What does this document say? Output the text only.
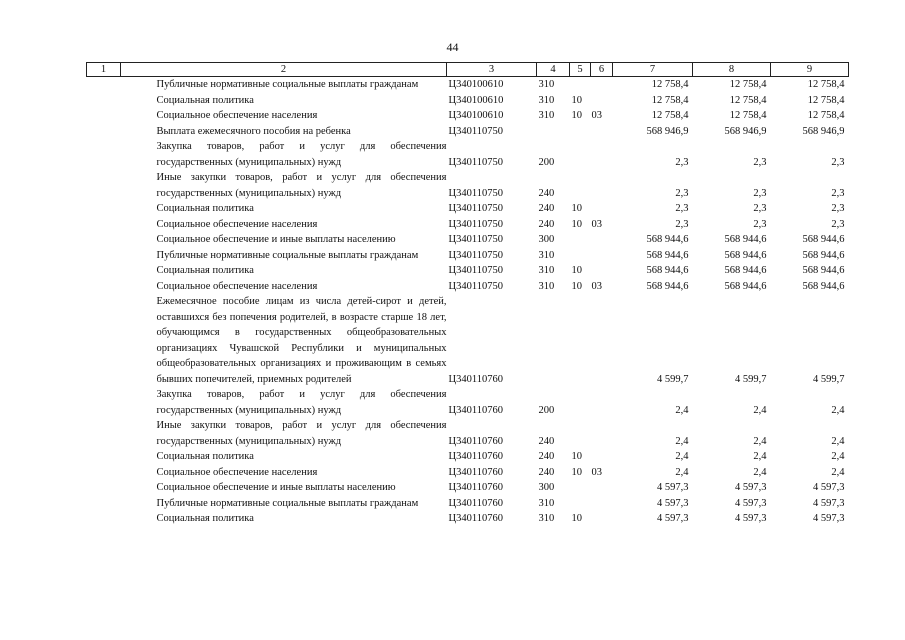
44
1	2	3	4	5	6	7	8	9
	Публичные нормативные социальные выплаты гражданам	Ц340100610	310			12 758,4	12 758,4	12 758,4
	Социальная политика	Ц340100610	310	10		12 758,4	12 758,4	12 758,4
	Социальное обеспечение населения	Ц340100610	310	10	03	12 758,4	12 758,4	12 758,4
	Выплата ежемесячного пособия на ребенка	Ц340110750				568 946,9	568 946,9	568 946,9
	Закупка товаров, работ и услуг для обеспечения государственных (муниципальных) нужд	Ц340110750	200			2,3	2,3	2,3
	Иные закупки товаров, работ и услуг для обеспечения государственных (муниципальных) нужд	Ц340110750	240			2,3	2,3	2,3
	Социальная политика	Ц340110750	240	10		2,3	2,3	2,3
	Социальное обеспечение населения	Ц340110750	240	10	03	2,3	2,3	2,3
	Социальное обеспечение и иные выплаты населению	Ц340110750	300			568 944,6	568 944,6	568 944,6
	Публичные нормативные социальные выплаты гражданам	Ц340110750	310			568 944,6	568 944,6	568 944,6
	Социальная политика	Ц340110750	310	10		568 944,6	568 944,6	568 944,6
	Социальное обеспечение населения	Ц340110750	310	10	03	568 944,6	568 944,6	568 944,6
	Ежемесячное пособие лицам из числа детей-сирот и детей, оставшихся без попечения родителей, в возрасте старше 18 лет, обучающимся в государственных общеобразовательных организациях Чувашской Республики и муниципальных общеобразовательных организациях и проживающим в семьях бывших попечителей, приемных родителей	Ц340110760				4 599,7	4 599,7	4 599,7
	Закупка товаров, работ и услуг для обеспечения государственных (муниципальных) нужд	Ц340110760	200			2,4	2,4	2,4
	Иные закупки товаров, работ и услуг для обеспечения государственных (муниципальных) нужд	Ц340110760	240			2,4	2,4	2,4
	Социальная политика	Ц340110760	240	10		2,4	2,4	2,4
	Социальное обеспечение населения	Ц340110760	240	10	03	2,4	2,4	2,4
	Социальное обеспечение и иные выплаты населению	Ц340110760	300			4 597,3	4 597,3	4 597,3
	Публичные нормативные социальные выплаты гражданам	Ц340110760	310			4 597,3	4 597,3	4 597,3
	Социальная политика	Ц340110760	310	10		4 597,3	4 597,3	4 597,3
